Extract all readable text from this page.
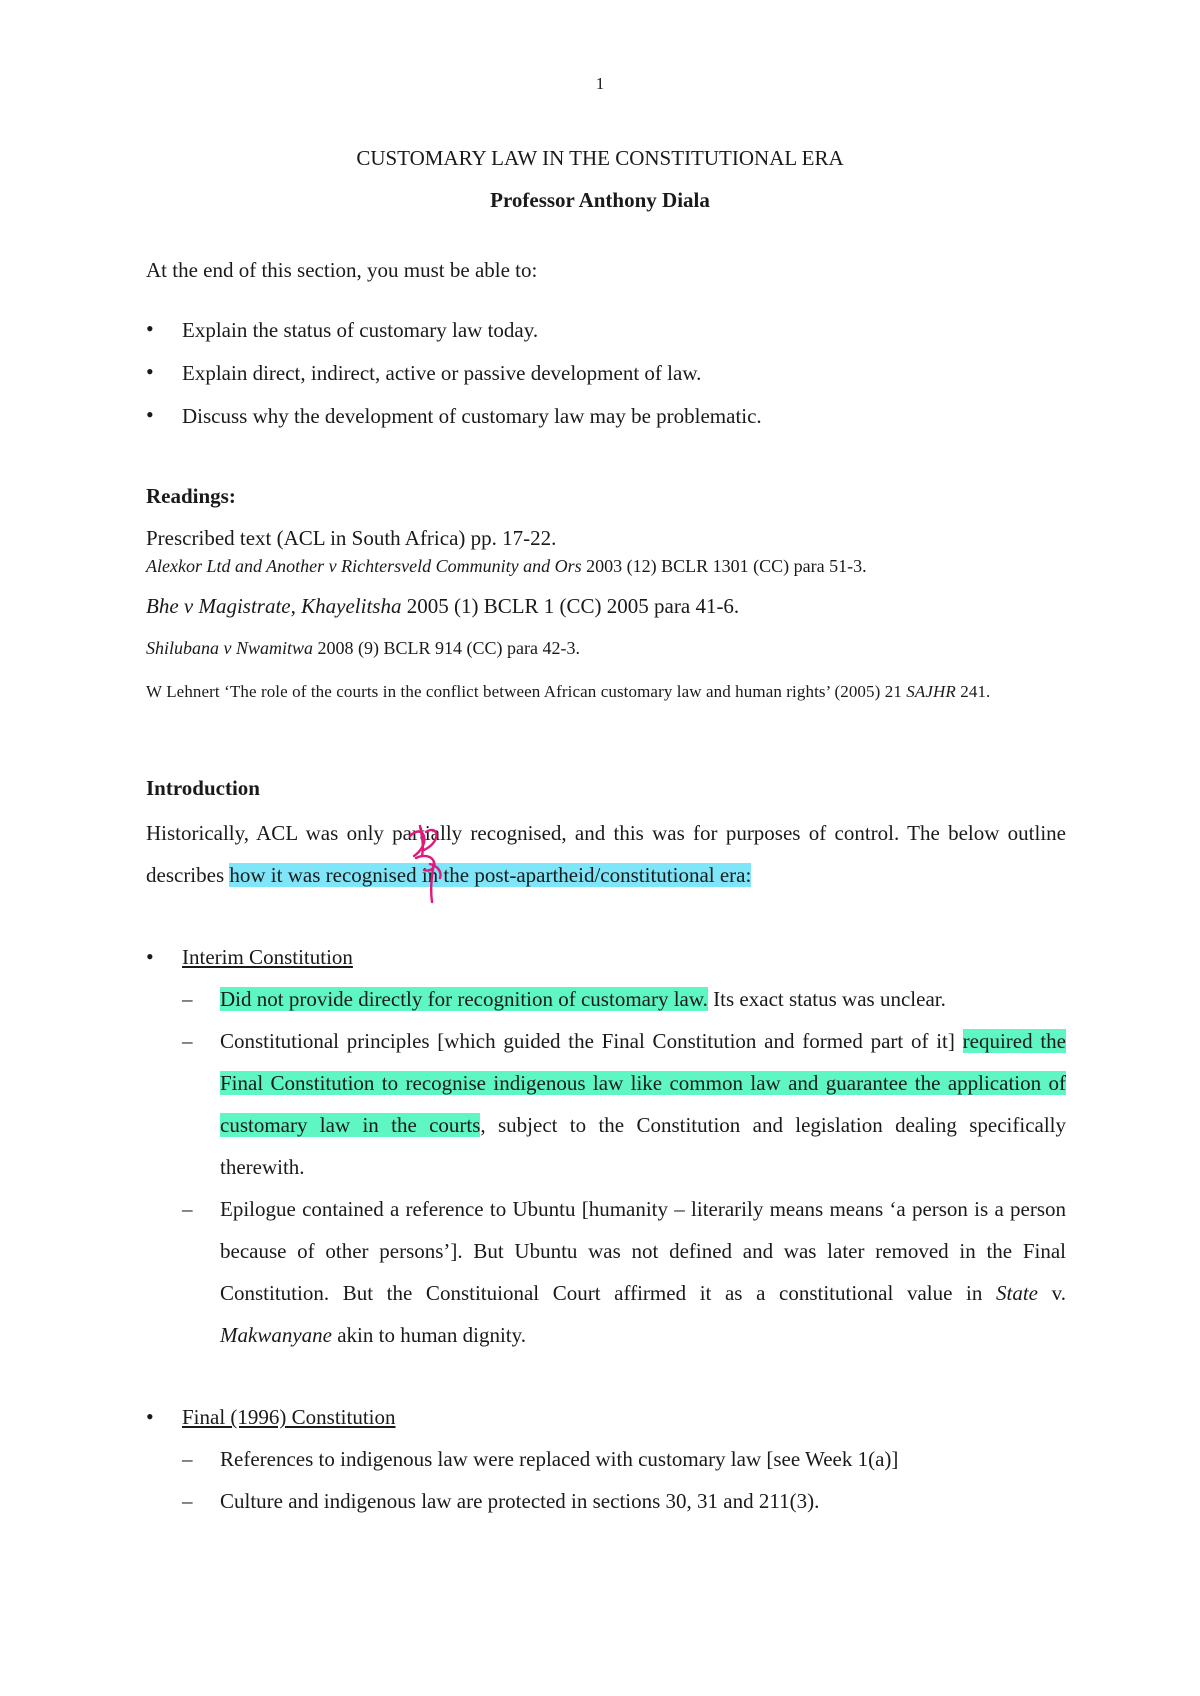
1
CUSTOMARY LAW IN THE CONSTITUTIONAL ERA
Professor Anthony Diala
At the end of this section, you must be able to:
• Explain the status of customary law today.
• Explain direct, indirect, active or passive development of law.
• Discuss why the development of customary law may be problematic.
Readings:
Prescribed text (ACL in South Africa) pp. 17-22.
Alexkor Ltd and Another v Richtersveld Community and Ors 2003 (12) BCLR 1301 (CC) para 51-3.
Bhe v Magistrate, Khayelitsha 2005 (1) BCLR 1 (CC) 2005 para 41-6.
Shilubana v Nwamitwa 2008 (9) BCLR 914 (CC) para 42-3.
W Lehnert ‘The role of the courts in the conflict between African customary law and human rights’ (2005) 21 SAJHR 241.
Introduction
Historically, ACL was only partially recognised, and this was for purposes of control. The below outline describes how it was recognised in the post-apartheid/constitutional era:
• Interim Constitution
– Did not provide directly for recognition of customary law. Its exact status was unclear.
– Constitutional principles [which guided the Final Constitution and formed part of it] required the Final Constitution to recognise indigenous law like common law and guarantee the application of customary law in the courts, subject to the Constitution and legislation dealing specifically therewith.
– Epilogue contained a reference to Ubuntu [humanity – literarily means means ‘a person is a person because of other persons’]. But Ubuntu was not defined and was later removed in the Final Constitution. But the Constituional Court affirmed it as a constitutional value in State v. Makwanyane akin to human dignity.
• Final (1996) Constitution
– References to indigenous law were replaced with customary law [see Week 1(a)]
– Culture and indigenous law are protected in sections 30, 31 and 211(3).
